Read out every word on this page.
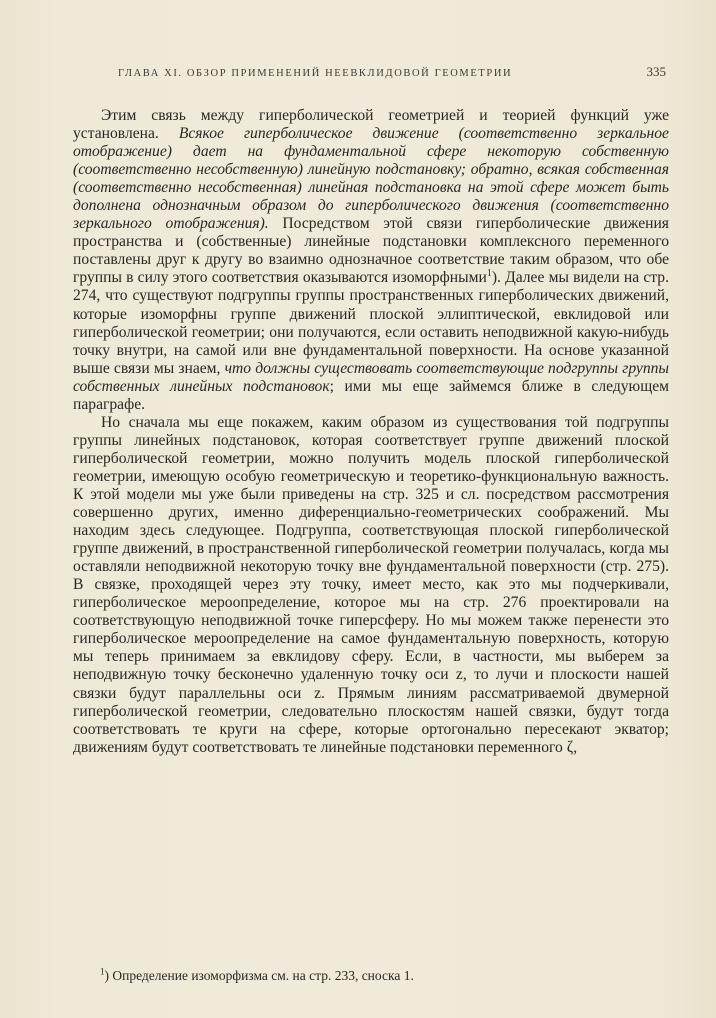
ГЛАВА XI. ОБЗОР ПРИМЕНЕНИЙ НЕЕВКЛИДОВОЙ ГЕОМЕТРИИ	335

Этим связь между гиперболической геометрией и теорией функций уже установлена. Всякое гиперболическое движение (соответственно зеркальное отображение) дает на фундаментальной сфере некоторую собственную (соответственно несобственную) линейную подстановку; обратно, всякая собственная (соответственно несобственная) линейная подстановка на этой сфере может быть дополнена однозначным образом до гиперболического движения (соответственно зеркального отображения). Посредством этой связи гиперболические движения пространства и (собственные) линейные подстановки комплексного переменного поставлены друг к другу во взаимно однозначное соответствие таким образом, что обе группы в силу этого соответствия оказываются изоморфными$^1$). Далее мы видели на стр. 274, что существуют подгруппы группы пространственных гиперболических движений, которые изоморфны группе движений плоской эллиптической, евклидовой или гиперболической геометрии; они получаются, если оставить неподвижной какую-нибудь точку внутри, на самой или вне фундаментальной поверхности. На основе указанной выше связи мы знаем, что должны существовать соответствующие подгруппы группы собственных линейных подстановок; ими мы еще займемся ближе в следующем параграфе.

Но сначала мы еще покажем, каким образом из существования той подгруппы группы линейных подстановок, которая соответствует группе движений плоской гиперболической геометрии, можно получить модель плоской гиперболической геометрии, имеющую особую геометрическую и теоретико-функциональную важность. К этой модели мы уже были приведены на стр. 325 и сл. посредством рассмотрения совершенно других, именно диференциально-геометрических соображений. Мы находим здесь следующее. Подгруппа, соответствующая плоской гиперболической группе движений, в пространственной гиперболической геометрии получалась, когда мы оставляли неподвижной некоторую точку вне фундаментальной поверхности (стр. 275). В связке, проходящей через эту точку, имеет место, как это мы подчеркивали, гиперболическое мероопределение, которое мы на стр. 276 проектировали на соответствующую неподвижной точке гиперсферу. Но мы можем также перенести это гиперболическое мероопределение на самое фундаментальную поверхность, которую мы теперь принимаем за евклидову сферу. Если, в частности, мы выберем за неподвижную точку бесконечно удаленную точку оси z, то лучи и плоскости нашей связки будут параллельны оси z. Прямым линиям рассматриваемой двумерной гиперболической геометрии, следовательно плоскостям нашей связки, будут тогда соответствовать те круги на сфере, которые ортогонально пересекают экватор; движениям будут соответствовать те линейные подстановки переменного ζ,

$^1$) Определение изоморфизма см. на стр. 233, сноска 1.
